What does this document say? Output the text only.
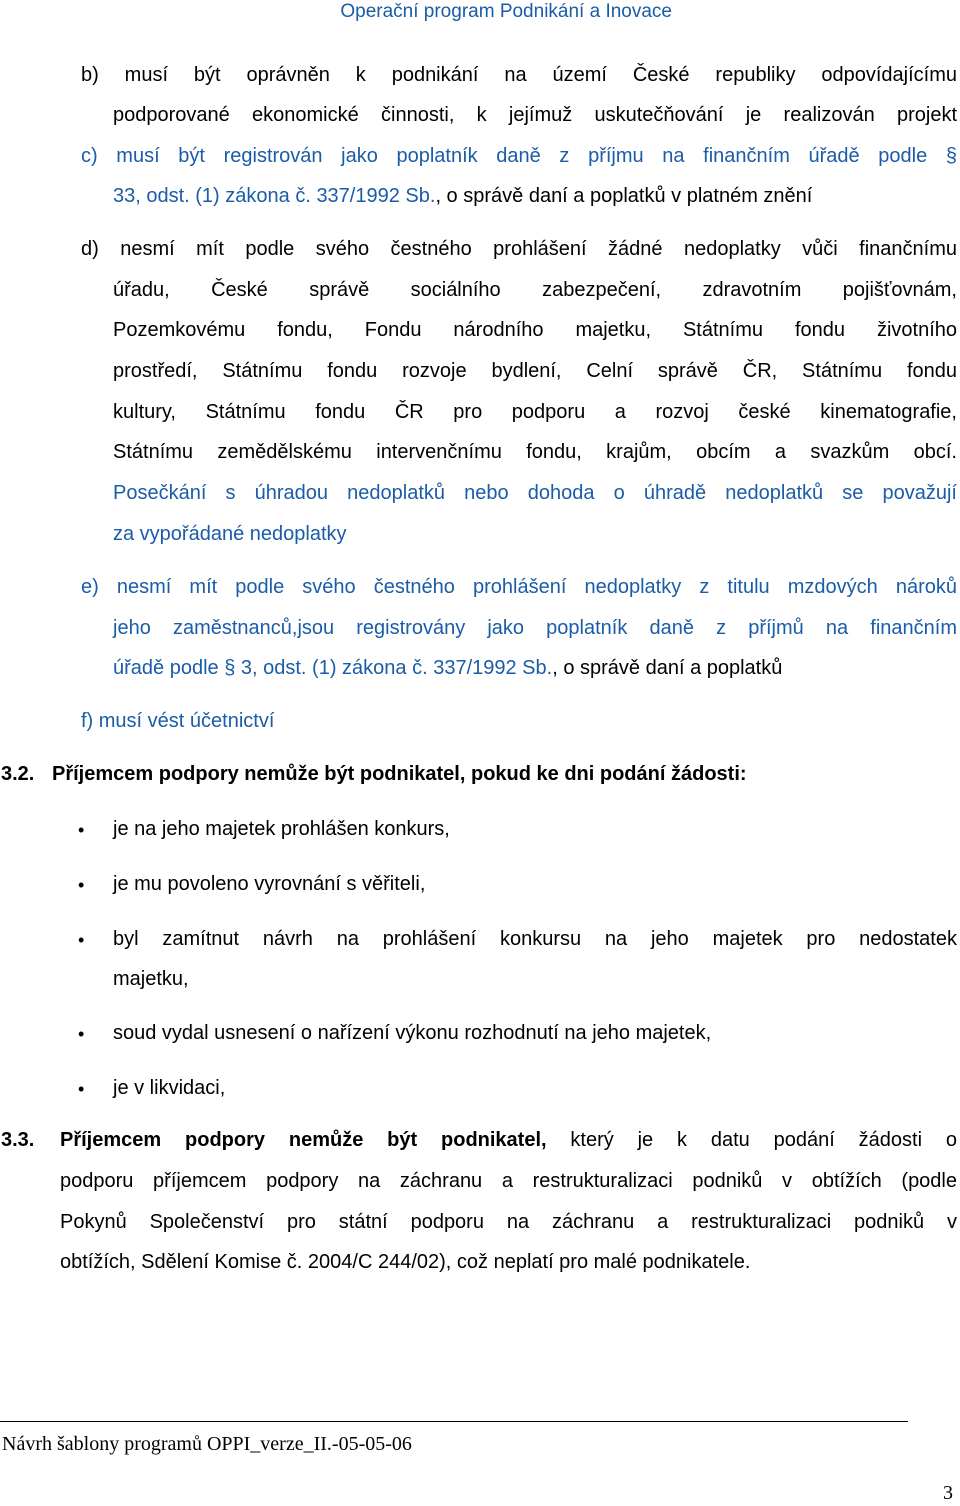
Operační program Podnikání a Inovace
b) musí být oprávněn k podnikání na území České republiky odpovídajícímu
podporované ekonomické činnosti, k jejímuž uskutečňování je realizován projekt
c) musí být registrován jako poplatník daně z příjmu na finančním úřadě podle §
33, odst. (1) zákona č. 337/1992 Sb., o správě daní a poplatků v platném znění
d) nesmí mít podle svého čestného prohlášení žádné nedoplatky vůči finančnímu
úřadu, České správě sociálního zabezpečení, zdravotním pojišťovnám,
Pozemkovému fondu, Fondu národního majetku, Státnímu fondu životního
prostředí, Státnímu fondu rozvoje bydlení, Celní správě ČR, Státnímu fondu
kultury, Státnímu fondu ČR pro podporu a rozvoj české kinematografie,
Státnímu zemědělskému intervenčnímu fondu, krajům, obcím a svazkům obcí.
Posečkání s úhradou nedoplatků nebo dohoda o úhradě nedoplatků se považují
za vypořádané nedoplatky
e) nesmí mít podle svého čestného prohlášení nedoplatky z titulu mzdových nároků
jeho zaměstnanců,jsou registrovány jako poplatník daně z příjmů na finančním
úřadě podle § 3, odst. (1) zákona č. 337/1992 Sb., o správě daní a poplatků
f) musí vést účetnictví
3.2. Příjemcem podpory nemůže být podnikatel, pokud ke dni podání žádosti:
• je na jeho majetek prohlášen konkurs,
• je mu povoleno vyrovnání s věřiteli,
• byl zamítnut návrh na prohlášení konkursu na jeho majetek pro nedostatek
majetku,
• soud vydal usnesení o nařízení výkonu rozhodnutí na jeho majetek,
• je v likvidaci,
3.3. Příjemcem podpory nemůže být podnikatel, který je k datu podání žádosti o
podporu příjemcem podpory na záchranu a restrukturalizaci podniků v obtížích (podle
Pokynů Společenství pro státní podporu na záchranu a restrukturalizaci podniků v
obtížích, Sdělení Komise č. 2004/C 244/02), což neplatí pro malé podnikatele.
Návrh šablony programů OPPI_verze_II.-05-05-06
3
